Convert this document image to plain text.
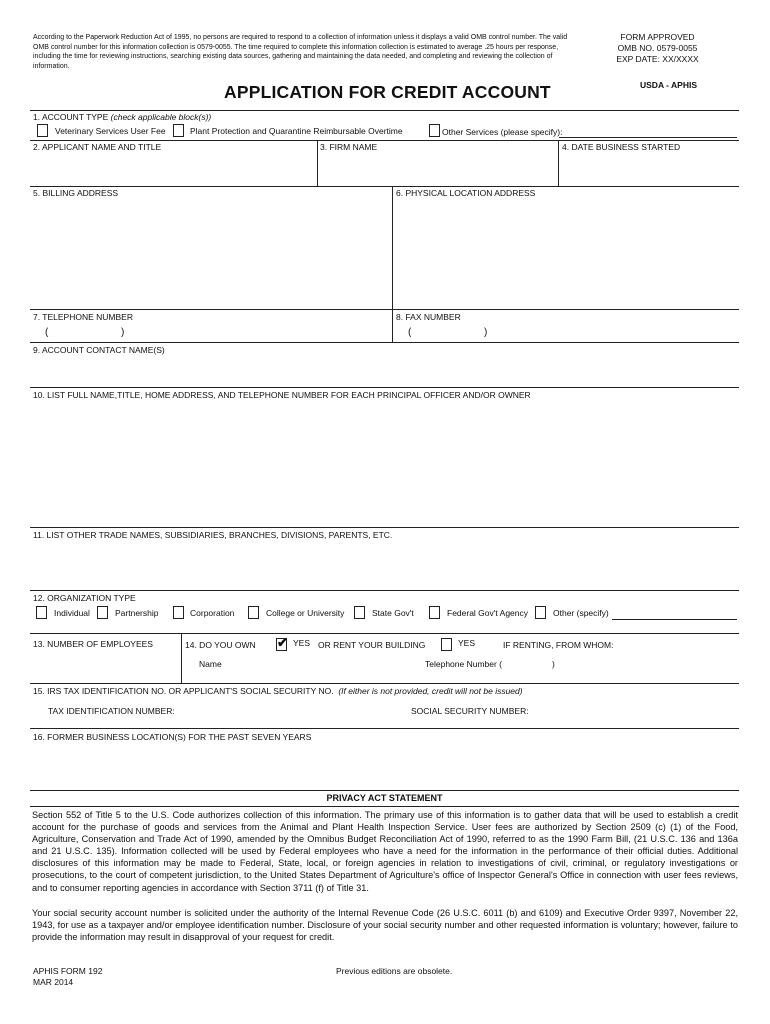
According to the Paperwork Reduction Act of 1995, no persons are required to respond to a collection of information unless it displays a valid OMB control number. The valid OMB control number for this information collection is 0579-0055. The time required to complete this information collection is estimated to average .25 hours per response, including the time for reviewing instructions, searching existing data sources, gathering and maintaining the data needed, and completing and reviewing the collection of information.
FORM APPROVED
OMB NO. 0579-0055
EXP DATE: XX/XXXX
USDA - APHIS
APPLICATION FOR CREDIT ACCOUNT
1. ACCOUNT TYPE (check applicable block(s))
Veterinary Services User Fee	Plant Protection and Quarantine Reimbursable Overtime	Other Services (please specify):
2. APPLICANT NAME AND TITLE	3. FIRM NAME	4. DATE BUSINESS STARTED
5. BILLING ADDRESS	6. PHYSICAL LOCATION ADDRESS
7. TELEPHONE NUMBER
(	)
8. FAX NUMBER
(	)
9. ACCOUNT CONTACT NAME(S)
10. LIST FULL NAME,TITLE, HOME ADDRESS, AND TELEPHONE NUMBER FOR EACH PRINCIPAL OFFICER AND/OR OWNER
11. LIST OTHER TRADE NAMES, SUBSIDIARIES, BRANCHES, DIVISIONS, PARENTS, ETC.
12. ORGANIZATION TYPE
Individual	Partnership	Corporation	College or University	State Gov't	Federal Gov't Agency	Other (specify)
13. NUMBER OF EMPLOYEES	14. DO YOU OWN ✔ YES OR RENT YOUR BUILDING	YES	IF RENTING, FROM WHOM:
Name	Telephone Number (	)
15. IRS TAX IDENTIFICATION NO. OR APPLICANT'S SOCIAL SECURITY NO. (If either is not provided, credit will not be issued)
TAX IDENTIFICATION NUMBER:	SOCIAL SECURITY NUMBER:
16. FORMER BUSINESS LOCATION(S) FOR THE PAST SEVEN YEARS
PRIVACY ACT STATEMENT
Section 552 of Title 5 to the U.S. Code authorizes collection of this information. The primary use of this information is to gather data that will be used to establish a credit account for the purchase of goods and services from the Animal and Plant Health Inspection Service. User fees are authorized by Section 2509 (c) (1) of the Food, Agriculture, Conservation and Trade Act of 1990, amended by the Omnibus Budget Reconciliation Act of 1990, referred to as the 1990 Farm Bill, (21 U.S.C. 136 and 136a and 21 U.S.C. 135). Information collected will be used by Federal employees who have a need for the information in the performance of their official duties. Additional disclosures of this information may be made to Federal, State, local, or foreign agencies in relation to investigations of civil, criminal, or regulatory investigations or prosecutions, to the court of competent jurisdiction, to the United States Department of Agriculture's office of Inspector General's Office in connection with user fees reviews, and to consumer reporting agencies in accordance with Section 3711 (f) of Title 31.
Your social security account number is solicited under the authority of the Internal Revenue Code (26 U.S.C. 6011 (b) and 6109) and Executive Order 9397, November 22, 1943, for use as a taxpayer and/or employee identification number. Disclosure of your social security number and other requested information is voluntary; however, failure to provide the information may result in disapproval of your request for credit.
APHIS FORM 192
MAR 2014
Previous editions are obsolete.
